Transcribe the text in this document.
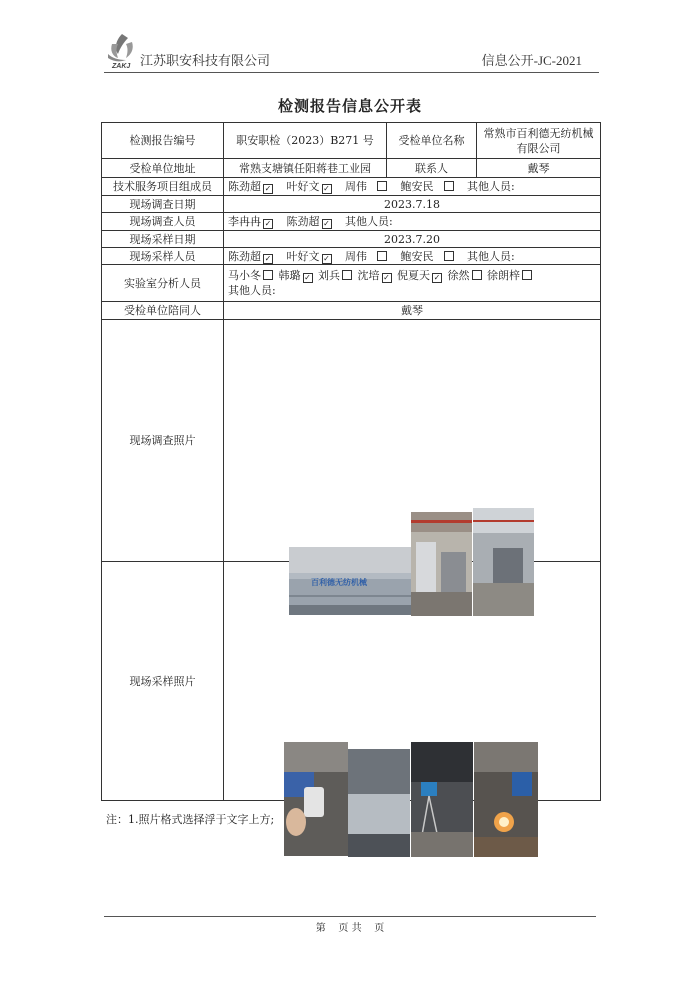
ZAKJ 江苏职安科技有限公司	信息公开-JC-2021
检测报告信息公开表
检测报告编号	职安职检（2023）B271 号	受检单位名称	常熟市百利德无纺机械有限公司
受检单位地址	常熟支塘镇任阳蒋巷工业园	联系人	戴琴
技术服务项目组成员	陈劲超 ✓ 叶好文 ✓ 周伟 鲍安民 其他人员:
现场调查日期	2023.7.18		
现场调查人员	李冉冉 ✓ 陈劲超 ✓ 其他人员:
现场采样日期	2023.7.20		
现场采样人员	陈劲超 ✓ 叶好文 ✓ 周伟 鲍安民 其他人员:
实验室分析人员	马小冬 韩璐 ✓ 刘兵 沈培 ✓ 倪夏天 ✓ 徐然 徐朗梓
其他人员:
受检单位陪同人	戴琴		
现场调查照片	百利德无纺机械		

现场采样照片	
注：1.照片格式选择浮于文字上方;
第    页 共    页
